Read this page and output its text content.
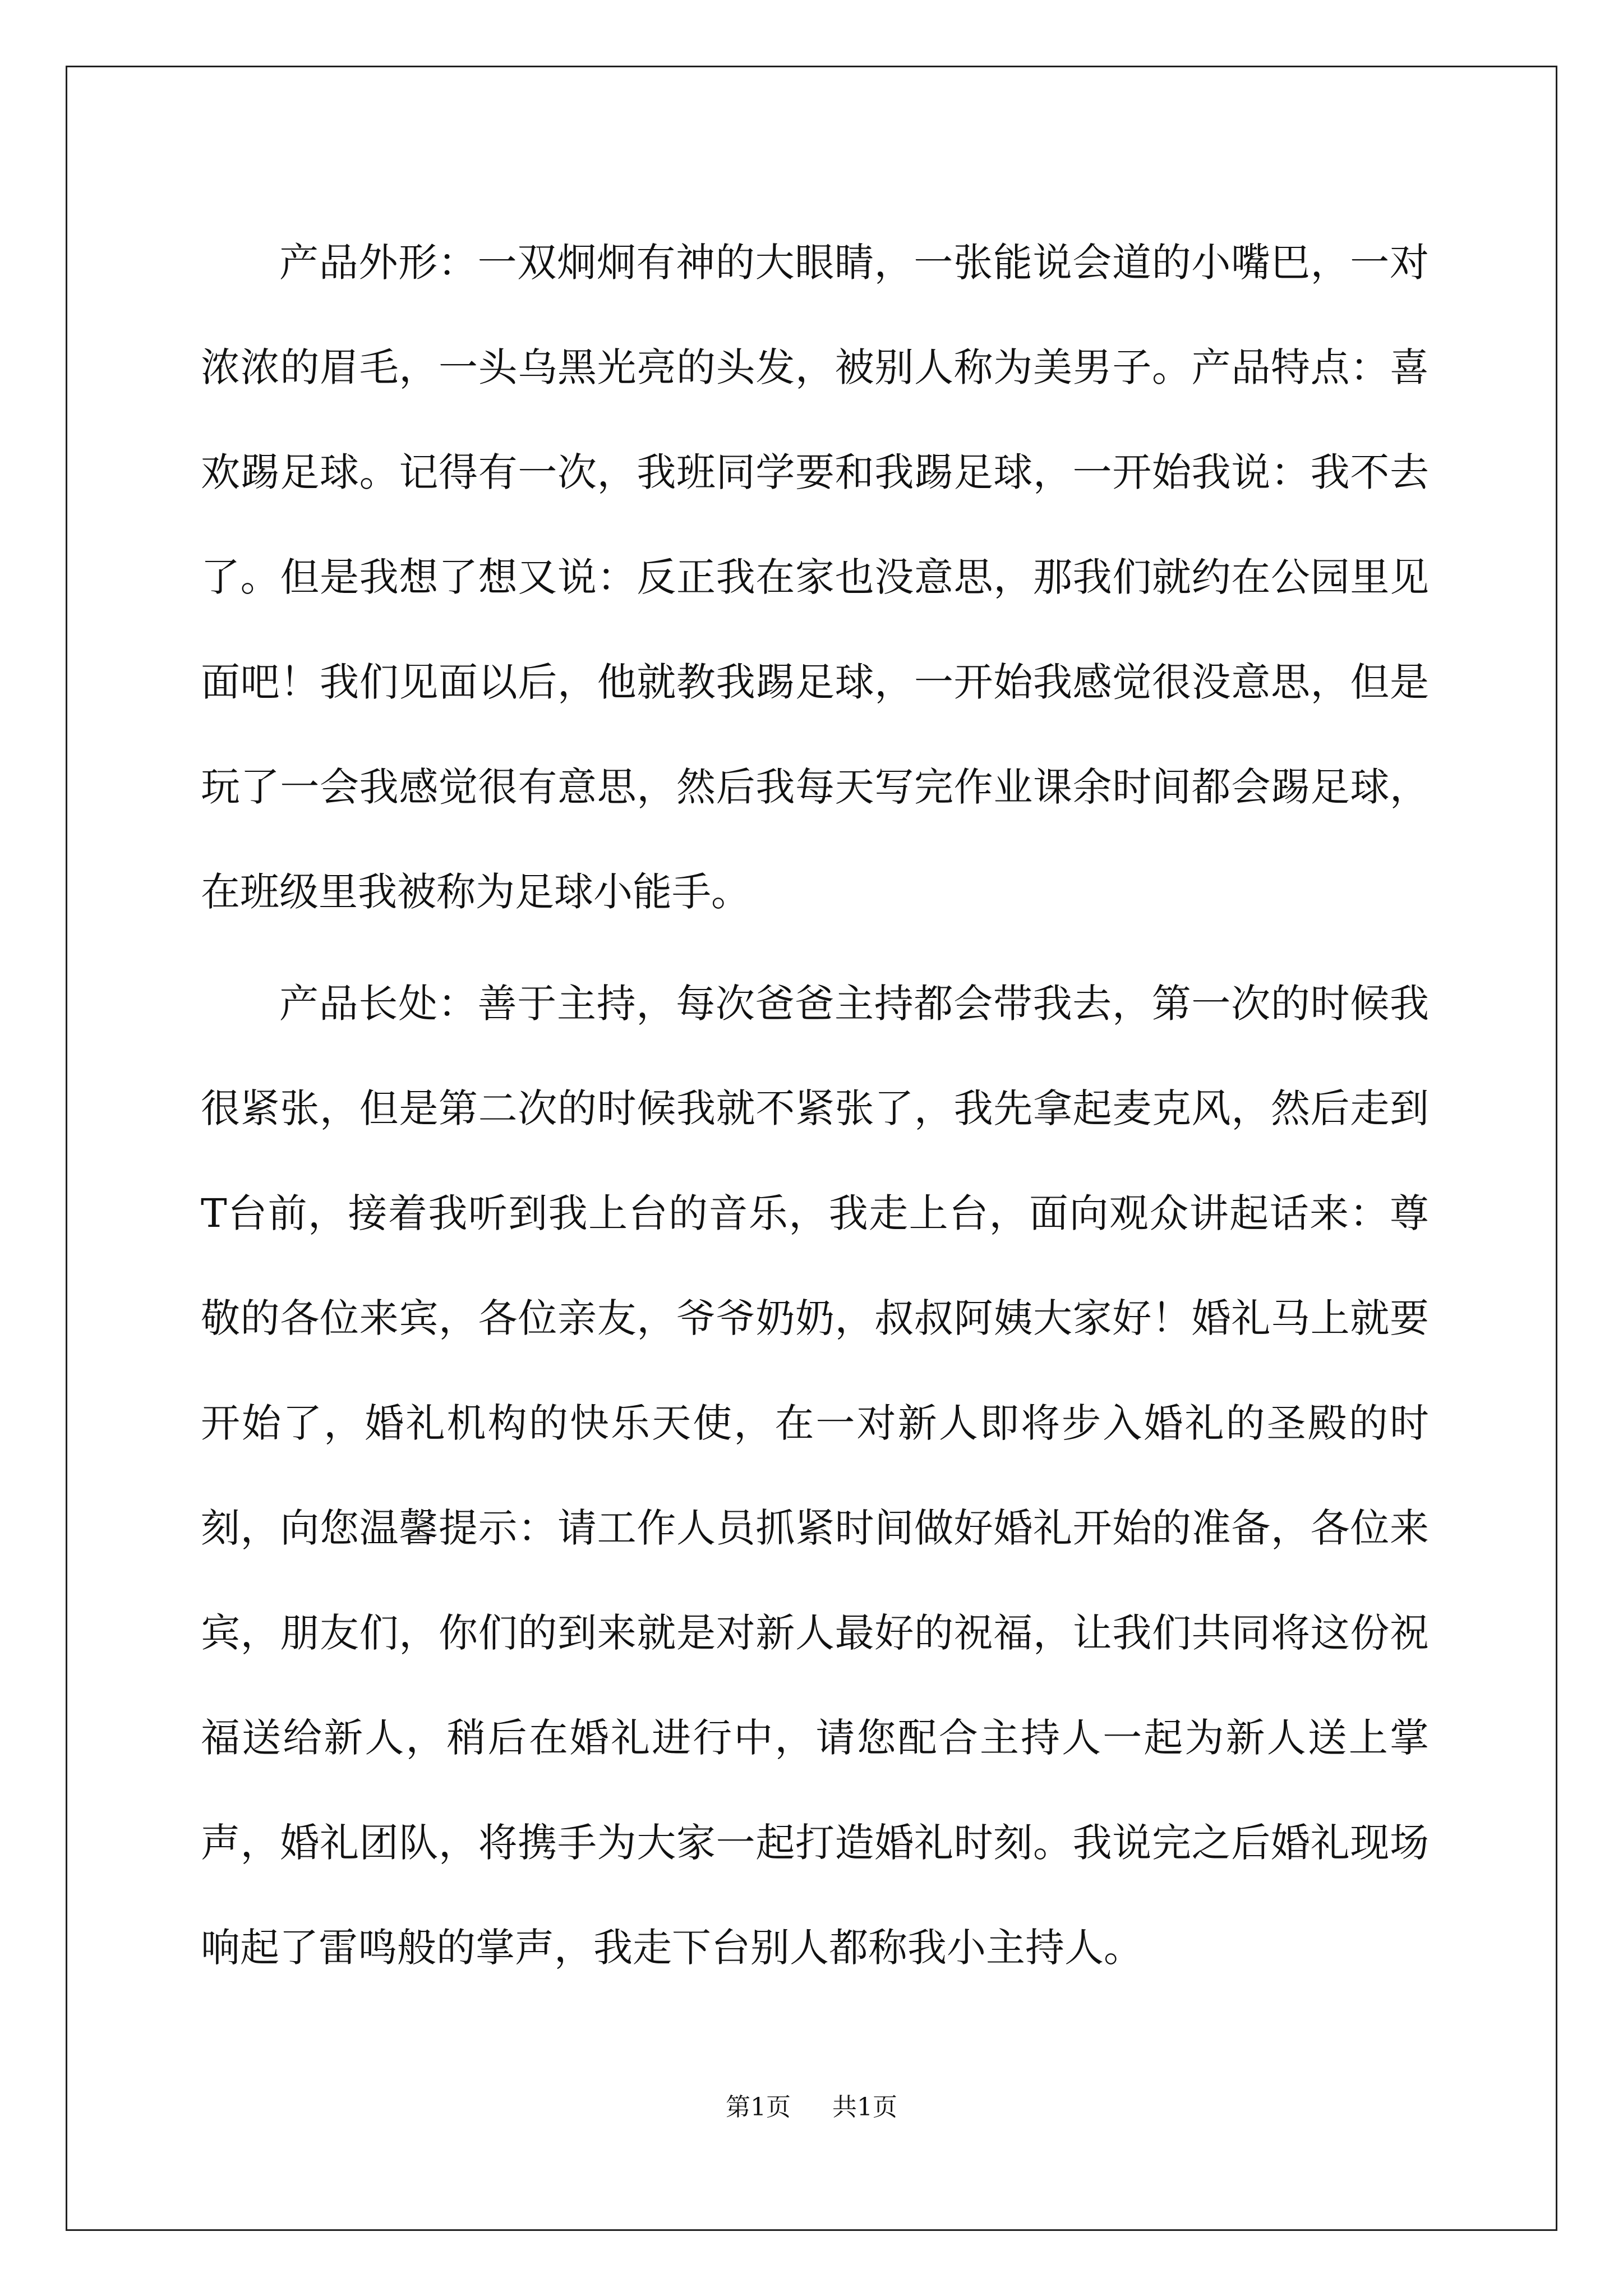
产品外形：一双炯炯有神的大眼睛，一张能说会道的小嘴巴，一对浓浓的眉毛，一头乌黑光亮的头发，被别人称为美男子。产品特点：喜欢踢足球。记得有一次，我班同学要和我踢足球，一开始我说：我不去了。但是我想了想又说：反正我在家也没意思，那我们就约在公园里见面吧！我们见面以后，他就教我踢足球，一开始我感觉很没意思，但是玩了一会我感觉很有意思，然后我每天写完作业课余时间都会踢足球，在班级里我被称为足球小能手。

产品长处：善于主持，每次爸爸主持都会带我去，第一次的时候我很紧张，但是第二次的时候我就不紧张了，我先拿起麦克风，然后走到T台前，接着我听到我上台的音乐，我走上台，面向观众讲起话来：尊敬的各位来宾，各位亲友，爷爷奶奶，叔叔阿姨大家好！婚礼马上就要开始了，婚礼机构的快乐天使，在一对新人即将步入婚礼的圣殿的时刻，向您温馨提示：请工作人员抓紧时间做好婚礼开始的准备，各位来宾，朋友们，你们的到来就是对新人最好的祝福，让我们共同将这份祝福送给新人，稍后在婚礼进行中，请您配合主持人一起为新人送上掌声，婚礼团队，将携手为大家一起打造婚礼时刻。我说完之后婚礼现场响起了雷鸣般的掌声，我走下台别人都称我小主持人。

第1页 共1页
